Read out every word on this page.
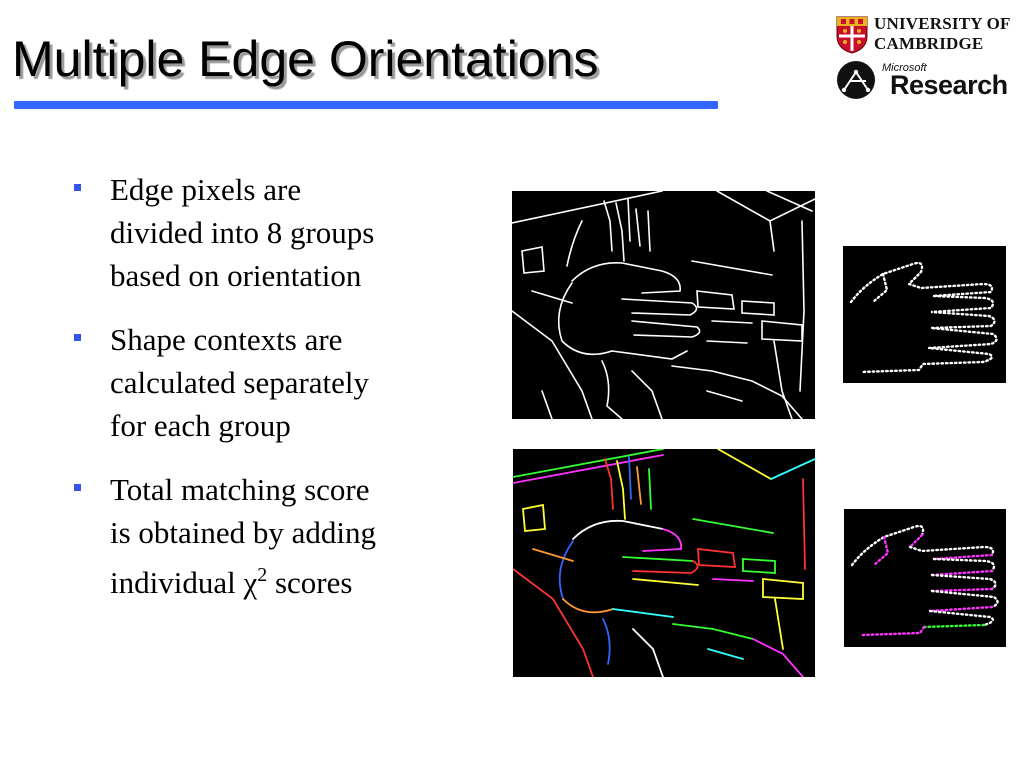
Multiple Edge Orientations
UNIVERSITY OF
CAMBRIDGE
Microsoft
Research
Edge pixels are
divided into 8 groups
based on orientation
Shape contexts are
calculated separately
for each group
Total matching score
is obtained by adding
individual $\chi^2$ scores
